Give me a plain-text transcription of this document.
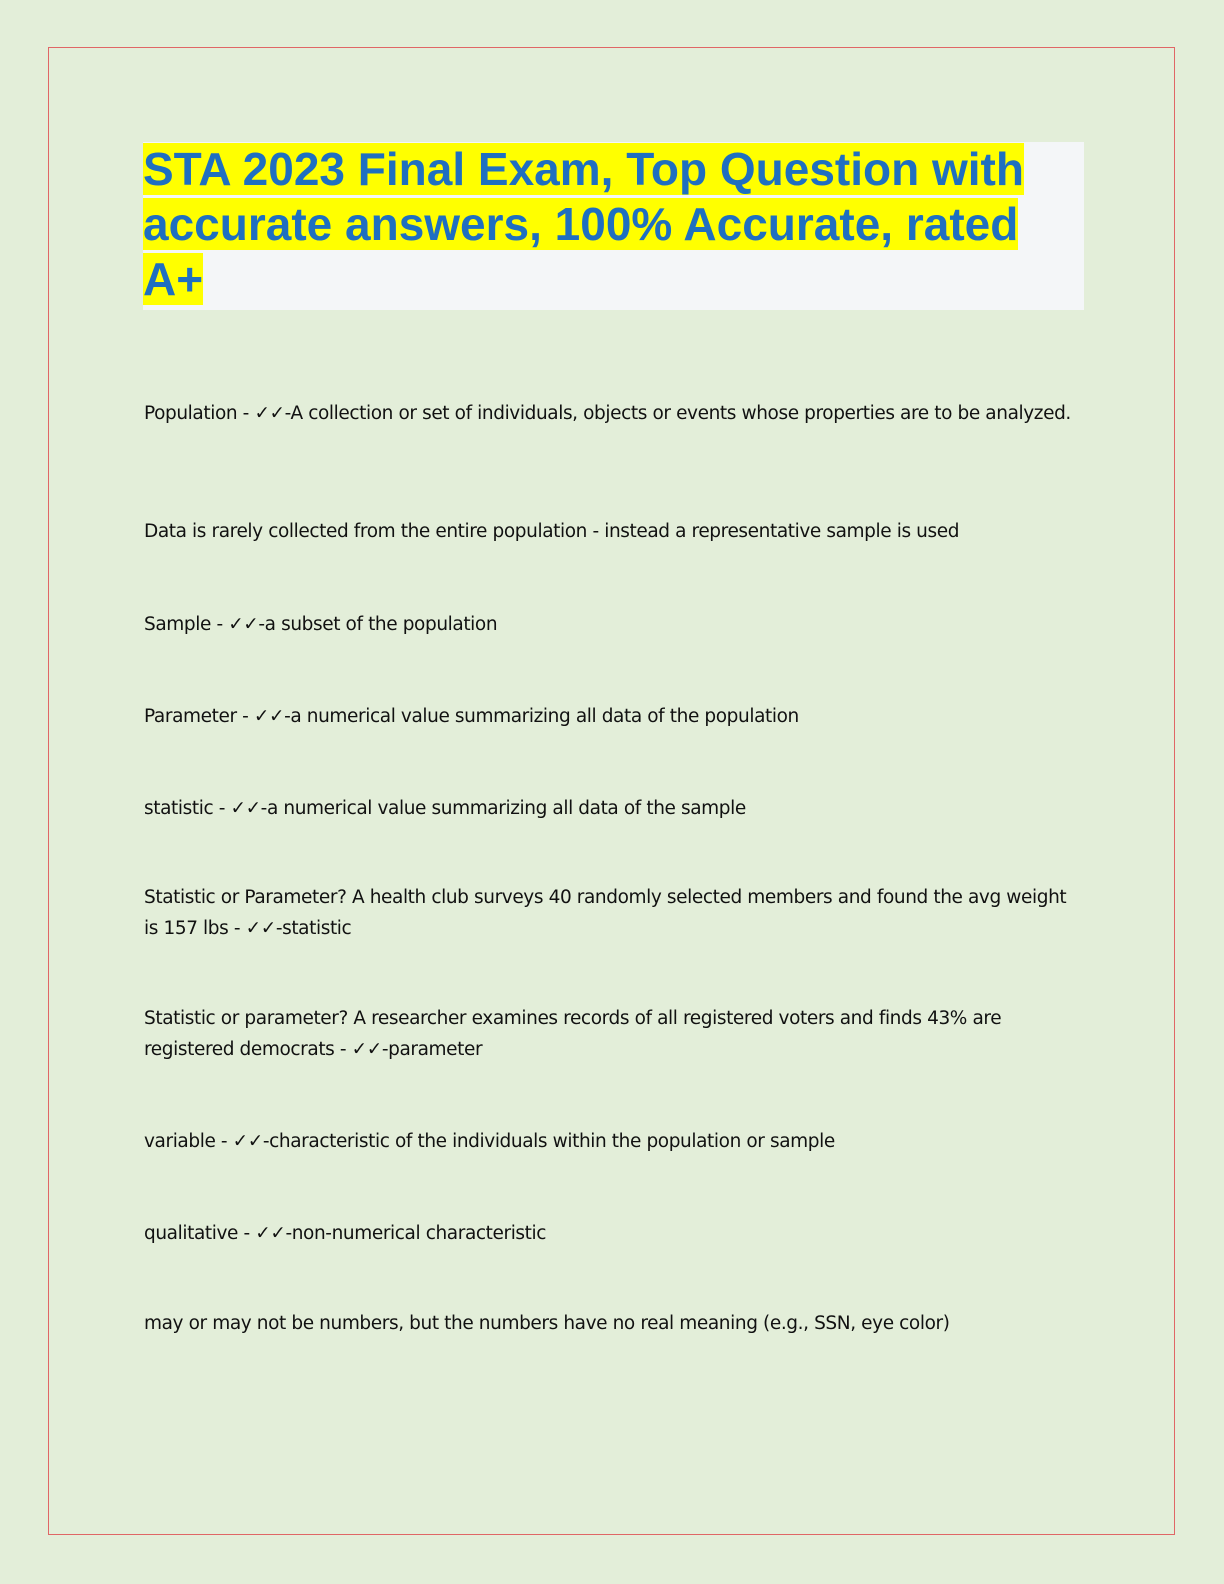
STA 2023 Final Exam, Top Question with accurate answers, 100% Accurate, rated A+
Population - ✓✓-A collection or set of individuals, objects or events whose properties are to be analyzed.
Data is rarely collected from the entire population - instead a representative sample is used
Sample - ✓✓-a subset of the population
Parameter - ✓✓-a numerical value summarizing all data of the population
statistic - ✓✓-a numerical value summarizing all data of the sample
Statistic or Parameter? A health club surveys 40 randomly selected members and found the avg weight is 157 lbs - ✓✓-statistic
Statistic or parameter? A researcher examines records of all registered voters and finds 43% are registered democrats - ✓✓-parameter
variable - ✓✓-characteristic of the individuals within the population or sample
qualitative - ✓✓-non-numerical characteristic
may or may not be numbers, but the numbers have no real meaning (e.g., SSN, eye color)
